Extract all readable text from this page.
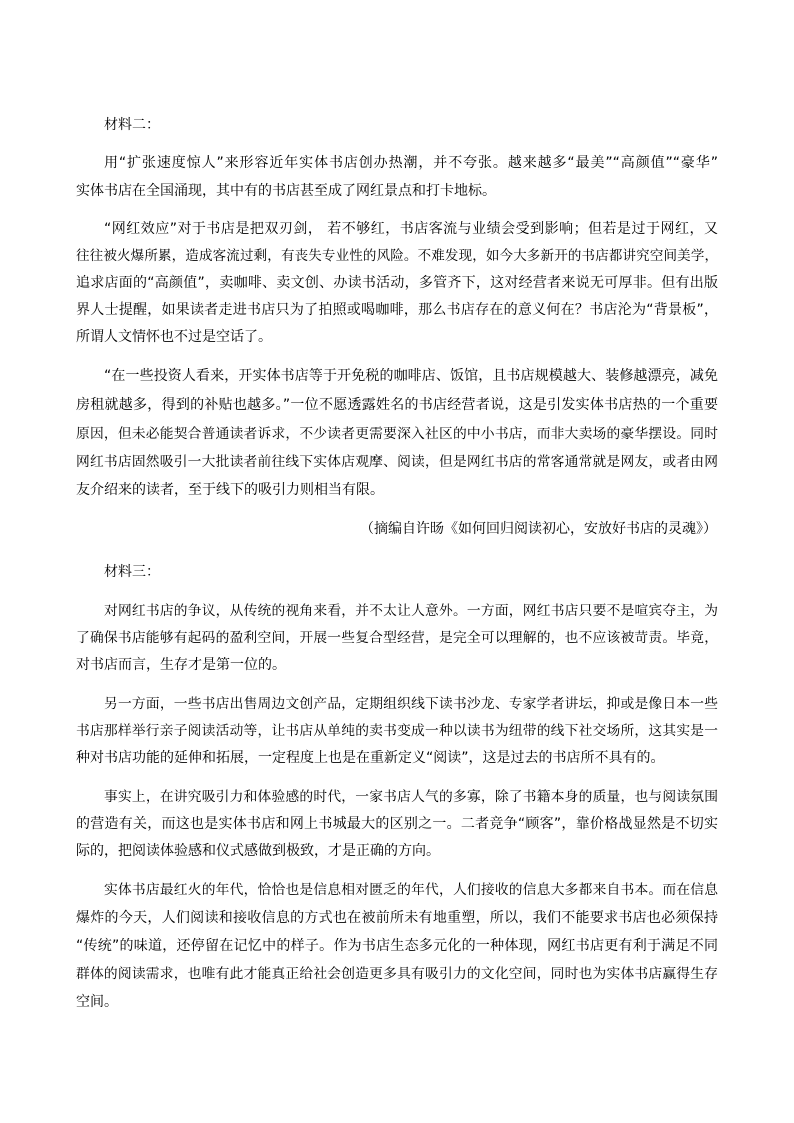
材料二：
用“扩张速度惊人”来形容近年实体书店创办热潮，并不夸张。越来越多“最美”“高颜值”“豪华”
实体书店在全国涌现，其中有的书店甚至成了网红景点和打卡地标。
“网红效应”对于书店是把双刃剑， 若不够红，书店客流与业绩会受到影响；但若是过于网红，又
往往被火爆所累，造成客流过剩，有丧失专业性的风险。不难发现，如今大多新开的书店都讲究空间美学，
追求店面的“高颜值”，卖咖啡、卖文创、办读书活动，多管齐下，这对经营者来说无可厚非。但有出版
界人士提醒，如果读者走进书店只为了拍照或喝咖啡，那么书店存在的意义何在？书店沦为“背景板”，
所谓人文情怀也不过是空话了。
“在一些投资人看来，开实体书店等于开免税的咖啡店、饭馆，且书店规模越大、装修越漂亮，减免
房租就越多，得到的补贴也越多。”一位不愿透露姓名的书店经营者说，这是引发实体书店热的一个重要
原因，但未必能契合普通读者诉求，不少读者更需要深入社区的中小书店，而非大卖场的豪华摆设。同时
网红书店固然吸引一大批读者前往线下实体店观摩、阅读，但是网红书店的常客通常就是网友，或者由网
友介绍来的读者，至于线下的吸引力则相当有限。
（摘编自许旸《如何回归阅读初心，安放好书店的灵魂》）
材料三：
对网红书店的争议，从传统的视角来看，并不太让人意外。一方面，网红书店只要不是喧宾夺主，为
了确保书店能够有起码的盈利空间，开展一些复合型经营，是完全可以理解的，也不应该被苛责。毕竟，
对书店而言，生存才是第一位的。
另一方面，一些书店出售周边文创产品，定期组织线下读书沙龙、专家学者讲坛，抑或是像日本一些
书店那样举行亲子阅读活动等，让书店从单纯的卖书变成一种以读书为纽带的线下社交场所，这其实是一
种对书店功能的延伸和拓展，一定程度上也是在重新定义“阅读”，这是过去的书店所不具有的。
事实上，在讲究吸引力和体验感的时代，一家书店人气的多寡，除了书籍本身的质量，也与阅读氛围
的营造有关，而这也是实体书店和网上书城最大的区别之一。二者竞争“顾客”，靠价格战显然是不切实
际的，把阅读体验感和仪式感做到极致，才是正确的方向。
实体书店最红火的年代，恰恰也是信息相对匮乏的年代，人们接收的信息大多都来自书本。而在信息
爆炸的今天，人们阅读和接收信息的方式也在被前所未有地重塑，所以，我们不能要求书店也必须保持
“传统”的味道，还停留在记忆中的样子。作为书店生态多元化的一种体现，网红书店更有利于满足不同
群体的阅读需求，也唯有此才能真正给社会创造更多具有吸引力的文化空间，同时也为实体书店赢得生存
空间。
